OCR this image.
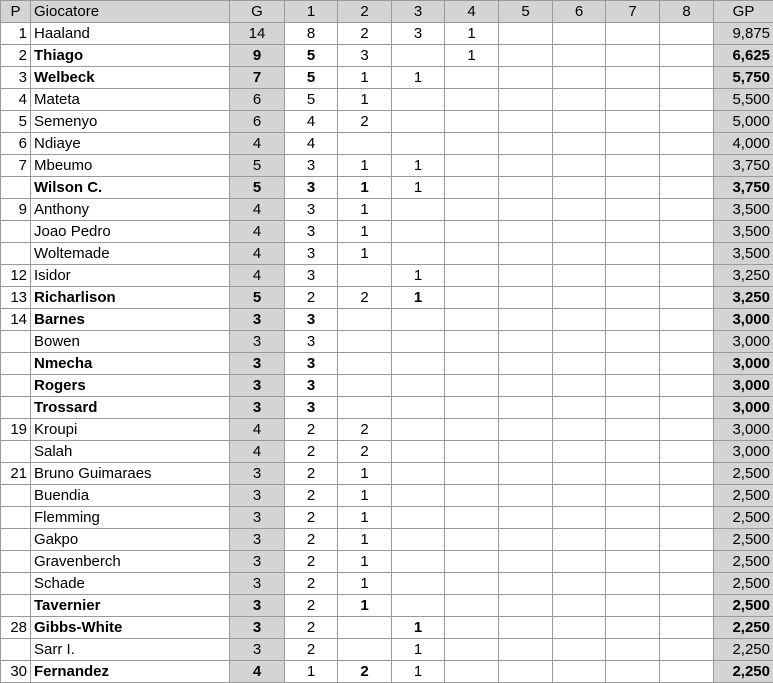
P	Giocatore	G	1	2	3	4	5	6	7	8	GP
1	Haaland	14	8	2	3	1					9,875
2	Thiago	9	5	3		1					6,625
3	Welbeck	7	5	1	1						5,750
4	Mateta	6	5	1							5,500
5	Semenyo	6	4	2							5,000
6	Ndiaye	4	4								4,000
7	Mbeumo	5	3	1	1						3,750
	Wilson C.	5	3	1	1						3,750
9	Anthony	4	3	1							3,500
	Joao Pedro	4	3	1							3,500
	Woltemade	4	3	1							3,500
12	Isidor	4	3		1						3,250
13	Richarlison	5	2	2	1						3,250
14	Barnes	3	3								3,000
	Bowen	3	3								3,000
	Nmecha	3	3								3,000
	Rogers	3	3								3,000
	Trossard	3	3								3,000
19	Kroupi	4	2	2							3,000
	Salah	4	2	2							3,000
21	Bruno Guimaraes	3	2	1							2,500
	Buendia	3	2	1							2,500
	Flemming	3	2	1							2,500
	Gakpo	3	2	1							2,500
	Gravenberch	3	2	1							2,500
	Schade	3	2	1							2,500
	Tavernier	3	2	1							2,500
28	Gibbs-White	3	2		1						2,250
	Sarr I.	3	2		1						2,250
30	Fernandez	4	1	2	1						2,250
